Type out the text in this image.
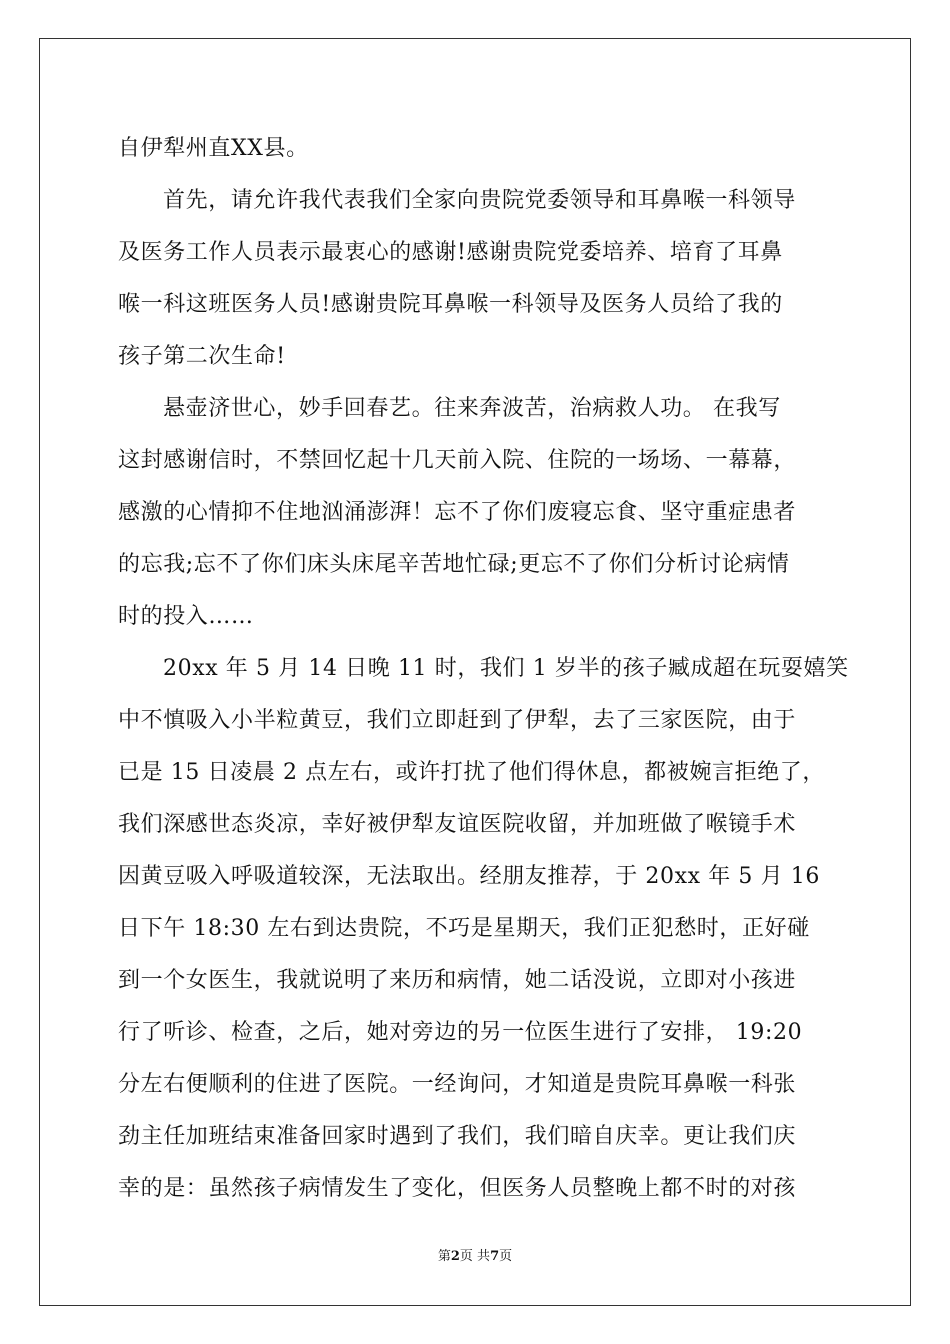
自伊犁州直XX县。
首先，请允许我代表我们全家向贵院党委领导和耳鼻喉一科领导
及医务工作人员表示最衷心的感谢!感谢贵院党委培养、培育了耳鼻
喉一科这班医务人员!感谢贵院耳鼻喉一科领导及医务人员给了我的
孩子第二次生命!
悬壶济世心，妙手回春艺。往来奔波苦，治病救人功。 在我写
这封感谢信时，不禁回忆起十几天前入院、住院的一场场、一幕幕，
感激的心情抑不住地汹涌澎湃！忘不了你们废寝忘食、坚守重症患者
的忘我;忘不了你们床头床尾辛苦地忙碌;更忘不了你们分析讨论病情
时的投入……
20xx 年 5 月 14 日晚 11 时，我们 1 岁半的孩子臧成超在玩耍嬉笑
中不慎吸入小半粒黄豆，我们立即赶到了伊犁，去了三家医院，由于
已是 15 日凌晨 2 点左右，或许打扰了他们得休息，都被婉言拒绝了，
我们深感世态炎凉，幸好被伊犁友谊医院收留，并加班做了喉镜手术
因黄豆吸入呼吸道较深，无法取出。经朋友推荐，于 20xx 年 5 月 16
日下午 18:30 左右到达贵院，不巧是星期天，我们正犯愁时，正好碰
到一个女医生，我就说明了来历和病情，她二话没说，立即对小孩进
行了听诊、检查，之后，她对旁边的另一位医生进行了安排， 19:20
分左右便顺利的住进了医院。一经询问，才知道是贵院耳鼻喉一科张
劲主任加班结束准备回家时遇到了我们，我们暗自庆幸。更让我们庆
幸的是：虽然孩子病情发生了变化，但医务人员整晚上都不时的对孩
第2页 共7页
